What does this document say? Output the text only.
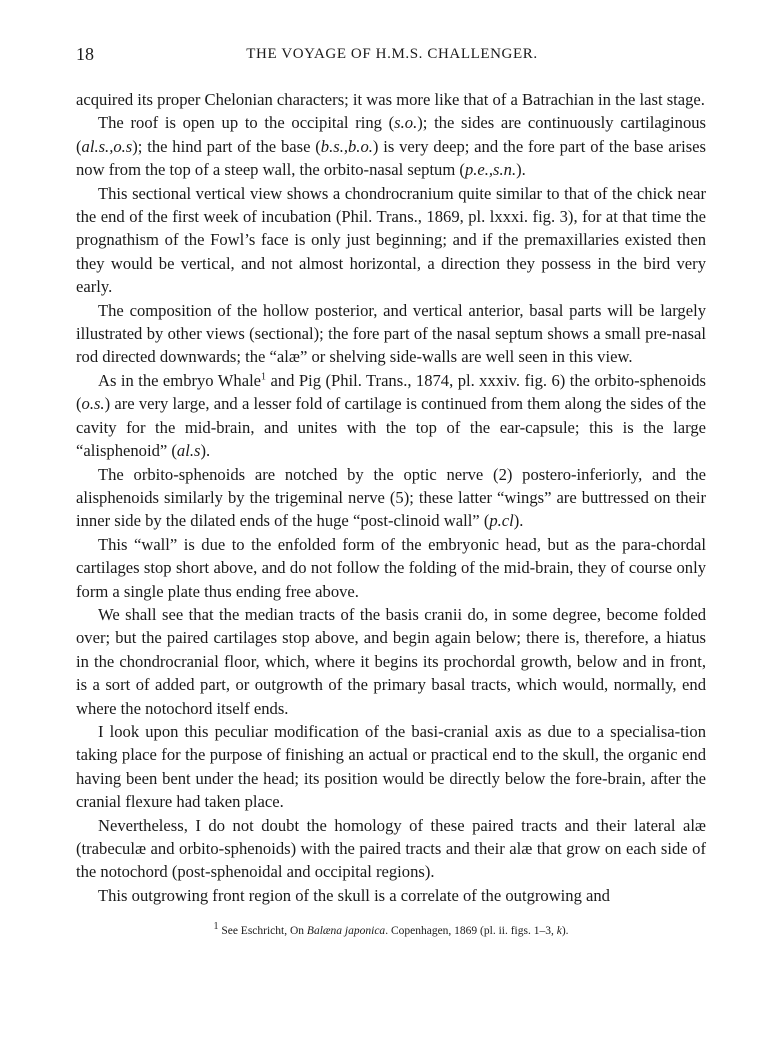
18	THE VOYAGE OF H.M.S. CHALLENGER.

acquired its proper Chelonian characters; it was more like that of a Batrachian in the last stage.

The roof is open up to the occipital ring (s.o.); the sides are continuously cartilaginous (al.s.,o.s); the hind part of the base (b.s.,b.o.) is very deep; and the fore part of the base arises now from the top of a steep wall, the orbito-nasal septum (p.e.,s.n.).

This sectional vertical view shows a chondrocranium quite similar to that of the chick near the end of the first week of incubation (Phil. Trans., 1869, pl. lxxxi. fig. 3), for at that time the prognathism of the Fowl’s face is only just beginning; and if the premaxillaries existed then they would be vertical, and not almost horizontal, a direction they possess in the bird very early.

The composition of the hollow posterior, and vertical anterior, basal parts will be largely illustrated by other views (sectional); the fore part of the nasal septum shows a small pre-nasal rod directed downwards; the “alæ” or shelving side-walls are well seen in this view.

As in the embryo Whale$^1$ and Pig (Phil. Trans., 1874, pl. xxxiv. fig. 6) the orbito-sphenoids (o.s.) are very large, and a lesser fold of cartilage is continued from them along the sides of the cavity for the mid-brain, and unites with the top of the ear-capsule; this is the large “alisphenoid” (al.s).

The orbito-sphenoids are notched by the optic nerve (2) postero-inferiorly, and the alisphenoids similarly by the trigeminal nerve (5); these latter “wings” are buttressed on their inner side by the dilated ends of the huge “post-clinoid wall” (p.cl).

This “wall” is due to the enfolded form of the embryonic head, but as the para-chordal cartilages stop short above, and do not follow the folding of the mid-brain, they of course only form a single plate thus ending free above.

We shall see that the median tracts of the basis cranii do, in some degree, become folded over; but the paired cartilages stop above, and begin again below; there is, therefore, a hiatus in the chondrocranial floor, which, where it begins its prochordal growth, below and in front, is a sort of added part, or outgrowth of the primary basal tracts, which would, normally, end where the notochord itself ends.

I look upon this peculiar modification of the basi-cranial axis as due to a specialisa-tion taking place for the purpose of finishing an actual or practical end to the skull, the organic end having been bent under the head; its position would be directly below the fore-brain, after the cranial flexure had taken place.

Nevertheless, I do not doubt the homology of these paired tracts and their lateral alæ (trabeculæ and orbito-sphenoids) with the paired tracts and their alæ that grow on each side of the notochord (post-sphenoidal and occipital regions).

This outgrowing front region of the skull is a correlate of the outgrowing and

$^1$ See Eschricht, On Balæna japonica. Copenhagen, 1869 (pl. ii. figs. 1–3, k).
